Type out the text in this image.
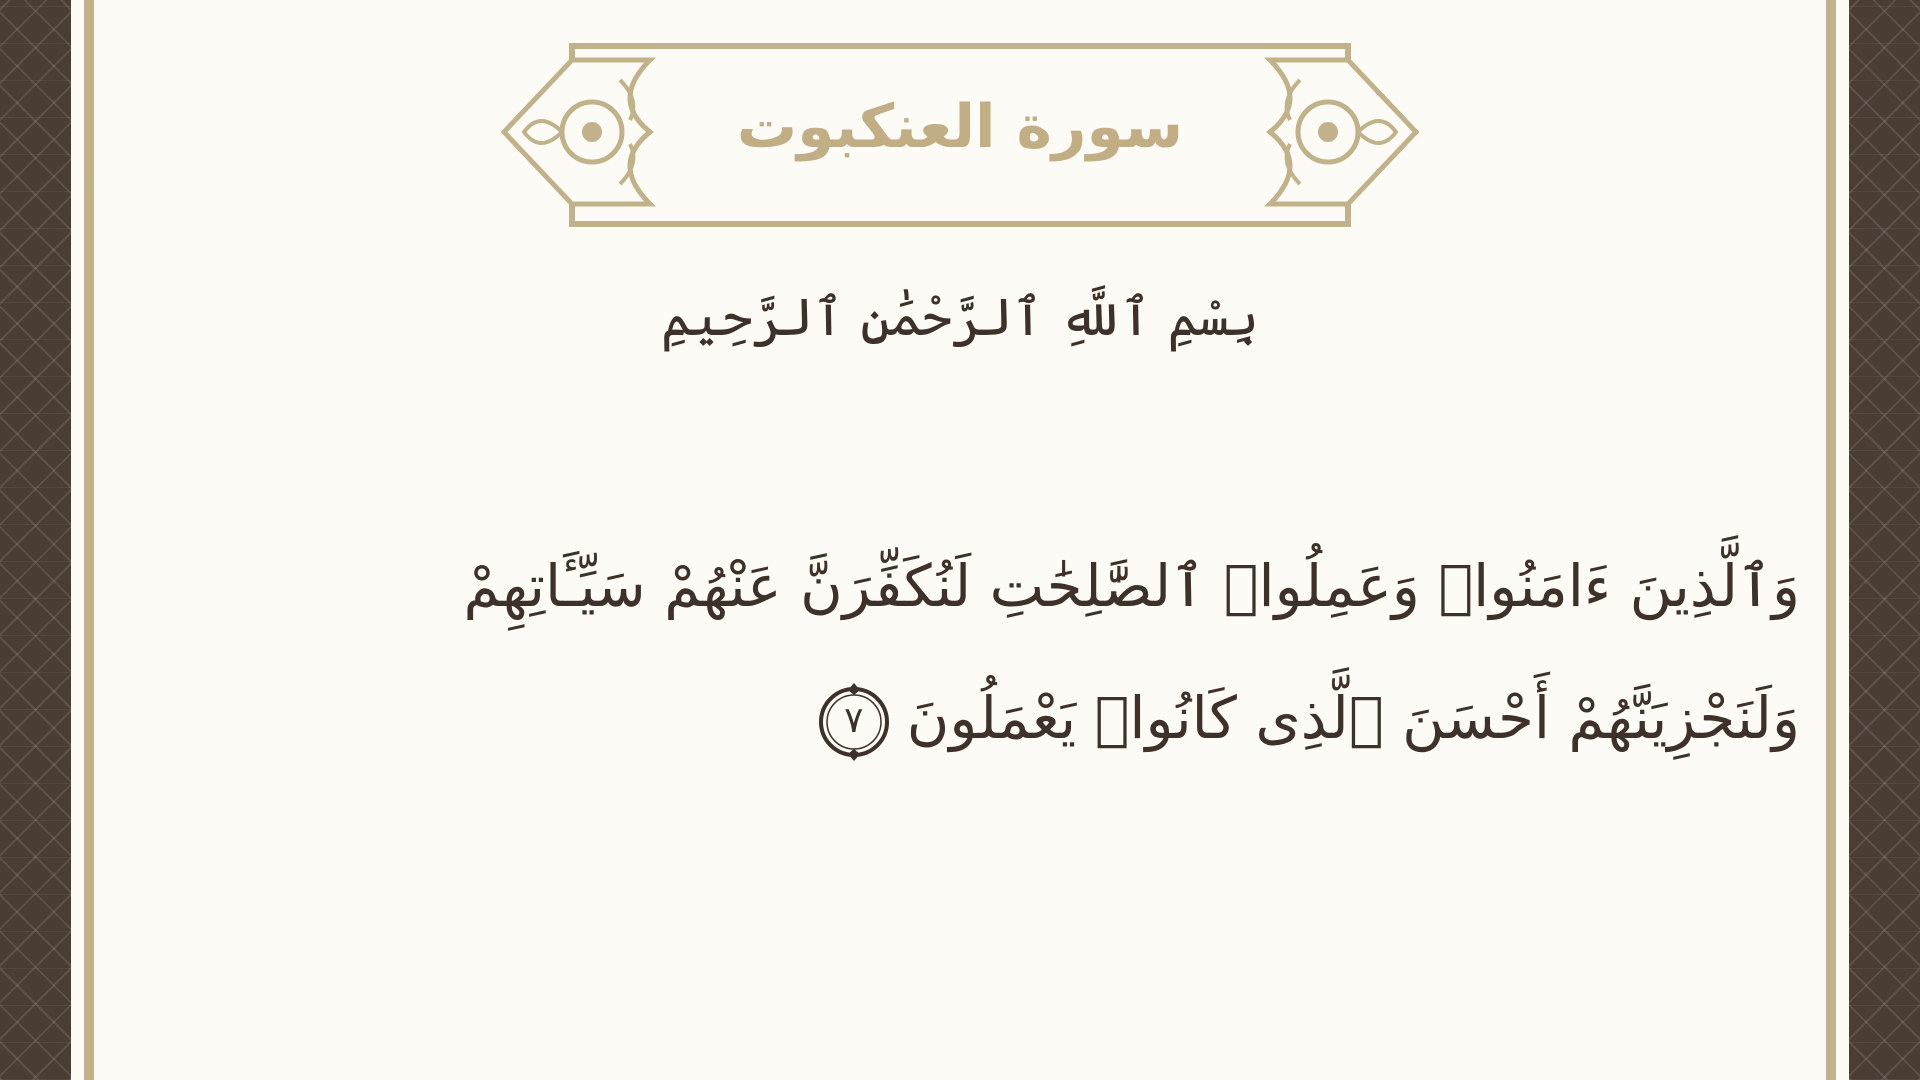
سورة العنكبوت
بِسْمِ ٱللَّهِ ٱلرَّحْمَٰنِ ٱلرَّحِيمِ
وَٱلَّذِينَ ءَامَنُوا۟ وَعَمِلُوا۟ ٱلصَّٰلِحَٰتِ لَنُكَفِّرَنَّ عَنْهُمْ سَيِّـَٔاتِهِمْ
وَلَنَجْزِيَنَّهُمْ أَحْسَنَ ٱلَّذِى كَانُوا۟ يَعْمَلُونَ
٧
